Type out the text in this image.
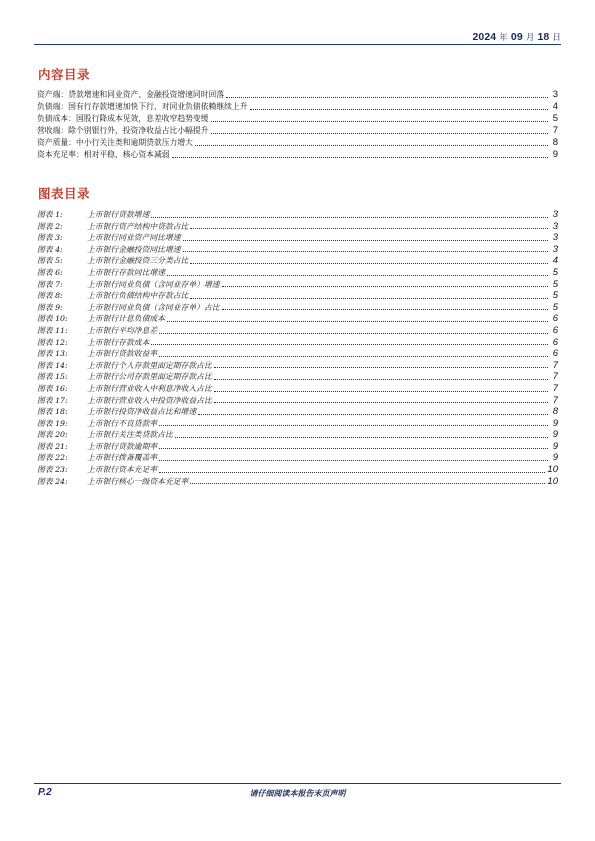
2024 年 09 月 18 日
内容目录
资产端：贷款增速和同业资产、金融投资增速同时回落	3
负债端：国有行存款增速加快下行，对同业负债依赖继续上升	4
负债成本：国股行降成本见效，息差收窄趋势变缓	5
营收端：除个别银行外，投资净收益占比小幅提升	7
资产质量：中小行关注类和逾期贷款压力增大	8
资本充足率：相对平稳，核心资本减弱	9
图表目录
图表 1:	上市银行贷款增速	3
图表 2:	上市银行资产结构中贷款占比	3
图表 3:	上市银行同业资产同比增速	3
图表 4:	上市银行金融投资同比增速	3
图表 5:	上市银行金融投资三分类占比	4
图表 6:	上市银行存款同比增速	5
图表 7:	上市银行同业负债（含同业存单）增速	5
图表 8:	上市银行负债结构中存款占比	5
图表 9:	上市银行同业负债（含同业存单）占比	5
图表 10:	上市银行计息负债成本	6
图表 11:	上市银行平均净息差	6
图表 12:	上市银行存款成本	6
图表 13:	上市银行贷款收益率	6
图表 14:	上市银行个人存款里面定期存款占比	7
图表 15:	上市银行公司存款里面定期存款占比	7
图表 16:	上市银行营业收入中利息净收入占比	7
图表 17:	上市银行营业收入中投资净收益占比	7
图表 18:	上市银行投资净收益占比和增速	8
图表 19:	上市银行不良贷款率	9
图表 20:	上市银行关注类贷款占比	9
图表 21:	上市银行贷款逾期率	9
图表 22:	上市银行拨备覆盖率	9
图表 23:	上市银行资本充足率	10
图表 24:	上市银行核心一级资本充足率	10
P.2	请仔细阅读本报告末页声明
